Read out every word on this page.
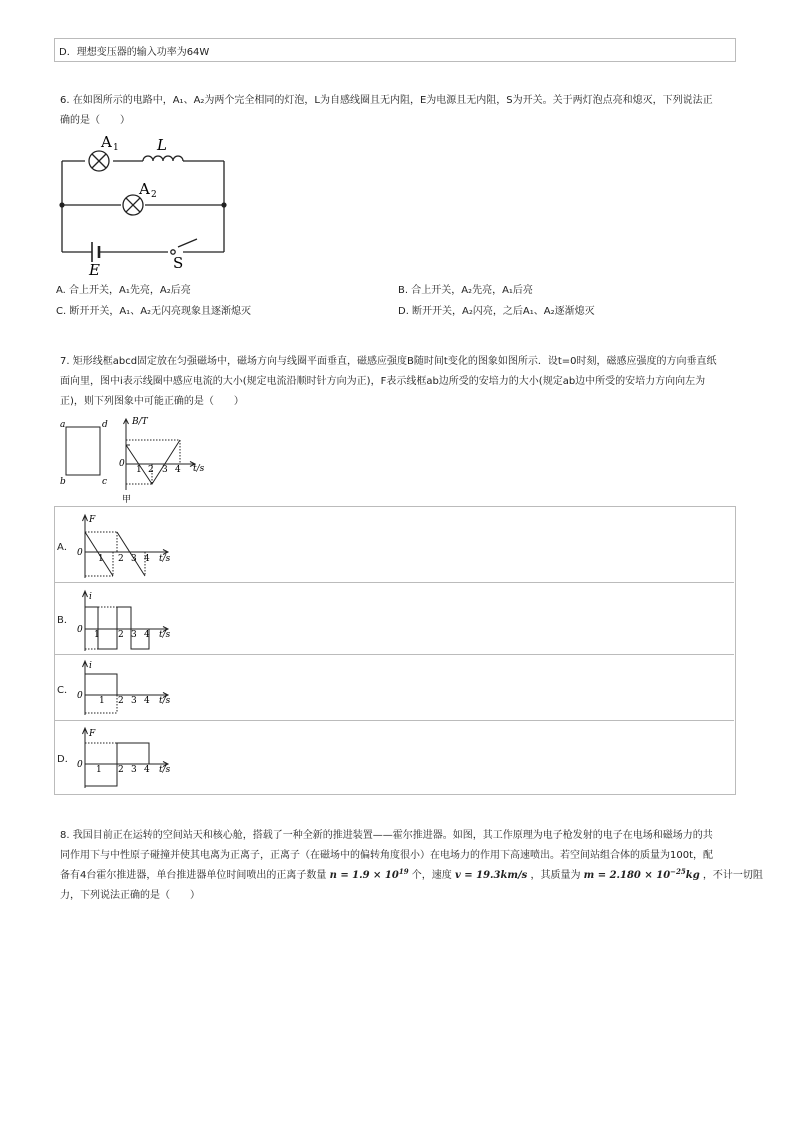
D．理想变压器的输入功率为64W
6. 在如图所示的电路中，A₁、A₂为两个完全相同的灯泡，L为自感线圈且无内阻，E为电源且无内阻，S为开关。关于两灯泡点亮和熄灭，下列说法正
确的是（　　）
A 1	L
A 2
E	S
A. 合上开关，A₁先亮，A₂后亮	B. 合上开关，A₂先亮，A₁后亮
C. 断开开关，A₁、A₂无闪亮现象且逐渐熄灭	D. 断开开关，A₂闪亮，之后A₁、A₂逐渐熄灭
7. 矩形线框abcd固定放在匀强磁场中，磁场方向与线圈平面垂直，磁感应强度B随时间t变化的图象如图所示．设t=0时刻，磁感应强度的方向垂直纸
面向里，图中i表示线圈中感应电流的大小(规定电流沿顺时针方向为正)，F表示线框ab边所受的安培力的大小(规定ab边中所受的安培力方向向左为
正)，则下列图象中可能正确的是（　　）
a	d
b	c
B/T
0	t/s
1 2 3 4
甲
A．
B．
C．
D．
F
0
t/s
1 2 3 4
i
0	t/s
1 2 3 4
i
0	t/s
1 2 3 4
F
0	t/s
1 2 3 4
8. 我国目前正在运转的空间站天和核心舱，搭载了一种全新的推进装置——霍尔推进器。如图，其工作原理为电子枪发射的电子在电场和磁场力的共
同作用下与中性原子碰撞并使其电离为正离子，正离子（在磁场中的偏转角度很小）在电场力的作用下高速喷出。若空间站组合体的质量为100t，配
备有4台霍尔推进器，单台推进器单位时间喷出的正离子数量 $n = 1.9 \times 10^{19}$ 个，速度 v = 19.3km/s ，其质量为 $m = 2.180 \times 10^{-25}kg$ ，不计一切阻
力，下列说法正确的是（　　）
